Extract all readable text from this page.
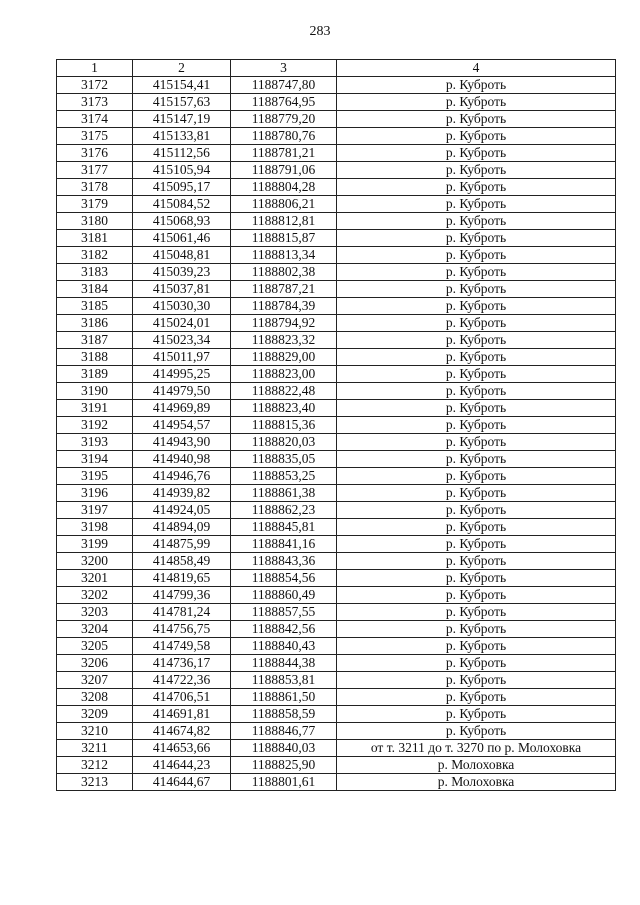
283
1	2	3	4
3172	415154,41	1188747,80	р. Куброть
3173	415157,63	1188764,95	р. Куброть
3174	415147,19	1188779,20	р. Куброть
3175	415133,81	1188780,76	р. Куброть
3176	415112,56	1188781,21	р. Куброть
3177	415105,94	1188791,06	р. Куброть
3178	415095,17	1188804,28	р. Куброть
3179	415084,52	1188806,21	р. Куброть
3180	415068,93	1188812,81	р. Куброть
3181	415061,46	1188815,87	р. Куброть
3182	415048,81	1188813,34	р. Куброть
3183	415039,23	1188802,38	р. Куброть
3184	415037,81	1188787,21	р. Куброть
3185	415030,30	1188784,39	р. Куброть
3186	415024,01	1188794,92	р. Куброть
3187	415023,34	1188823,32	р. Куброть
3188	415011,97	1188829,00	р. Куброть
3189	414995,25	1188823,00	р. Куброть
3190	414979,50	1188822,48	р. Куброть
3191	414969,89	1188823,40	р. Куброть
3192	414954,57	1188815,36	р. Куброть
3193	414943,90	1188820,03	р. Куброть
3194	414940,98	1188835,05	р. Куброть
3195	414946,76	1188853,25	р. Куброть
3196	414939,82	1188861,38	р. Куброть
3197	414924,05	1188862,23	р. Куброть
3198	414894,09	1188845,81	р. Куброть
3199	414875,99	1188841,16	р. Куброть
3200	414858,49	1188843,36	р. Куброть
3201	414819,65	1188854,56	р. Куброть
3202	414799,36	1188860,49	р. Куброть
3203	414781,24	1188857,55	р. Куброть
3204	414756,75	1188842,56	р. Куброть
3205	414749,58	1188840,43	р. Куброть
3206	414736,17	1188844,38	р. Куброть
3207	414722,36	1188853,81	р. Куброть
3208	414706,51	1188861,50	р. Куброть
3209	414691,81	1188858,59	р. Куброть
3210	414674,82	1188846,77	р. Куброть
3211	414653,66	1188840,03	от т. 3211 до т. 3270 по р. Молоховка
3212	414644,23	1188825,90	р. Молоховка
3213	414644,67	1188801,61	р. Молоховка
